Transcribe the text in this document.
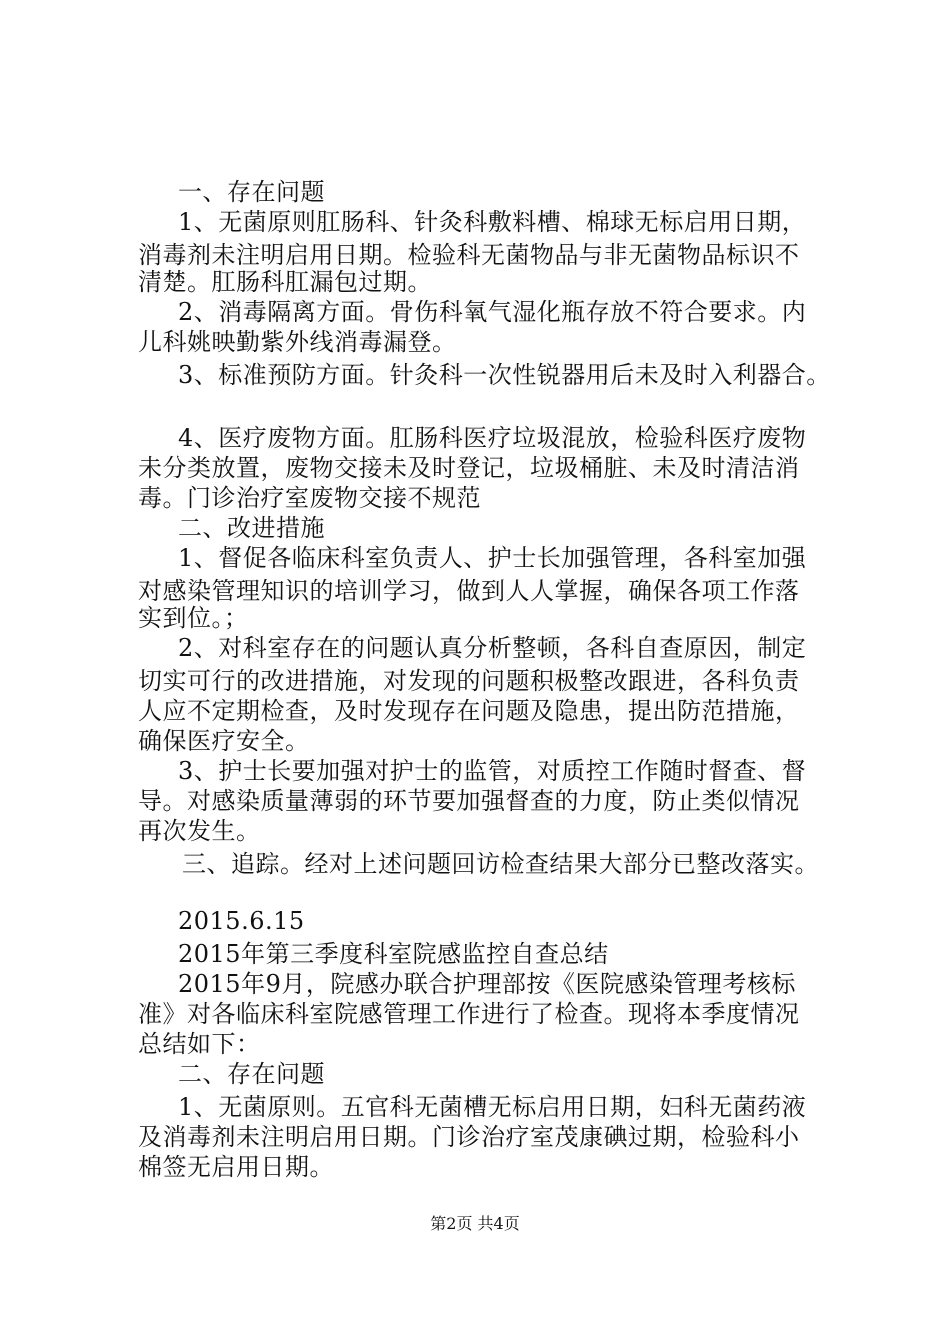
一、存在问题
1、无菌原则肛肠科、针灸科敷料槽、棉球无标启用日期，
消毒剂未注明启用日期。检验科无菌物品与非无菌物品标识不
清楚。肛肠科肛漏包过期。
2、消毒隔离方面。骨伤科氧气湿化瓶存放不符合要求。内
儿科姚映勤紫外线消毒漏登。
3、标准预防方面。针灸科一次性锐器用后未及时入利器合。
4、医疗废物方面。肛肠科医疗垃圾混放，检验科医疗废物
未分类放置，废物交接未及时登记，垃圾桶脏、未及时清洁消
毒。门诊治疗室废物交接不规范
二、改进措施
1、督促各临床科室负责人、护士长加强管理，各科室加强
对感染管理知识的培训学习，做到人人掌握，确保各项工作落
实到位。；
2、对科室存在的问题认真分析整顿，各科自查原因，制定
切实可行的改进措施，对发现的问题积极整改跟进，各科负责
人应不定期检查，及时发现存在问题及隐患，提出防范措施，
确保医疗安全。
3、护士长要加强对护士的监管，对质控工作随时督查、督
导。对感染质量薄弱的环节要加强督查的力度，防止类似情况
再次发生。
三、追踪。经对上述问题回访检查结果大部分已整改落实。
2015.6.15
2015年第三季度科室院感监控自查总结
2015年9月，院感办联合护理部按《医院感染管理考核标
准》对各临床科室院感管理工作进行了检查。现将本季度情况
总结如下：
二、存在问题
1、无菌原则。五官科无菌槽无标启用日期，妇科无菌药液
及消毒剂未注明启用日期。门诊治疗室茂康碘过期，检验科小
棉签无启用日期。
第2页 共4页
